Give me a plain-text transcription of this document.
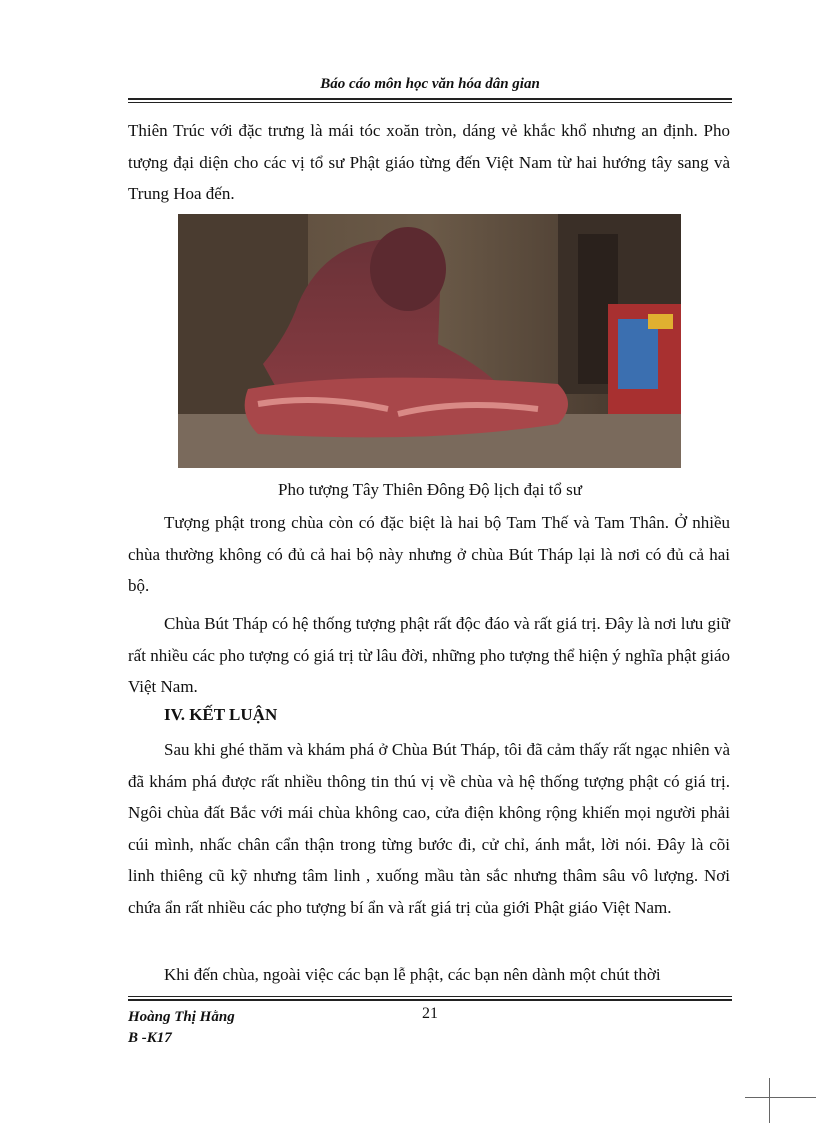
Báo cáo môn học văn hóa dân gian

Thiên Trúc với đặc trưng là mái tóc xoăn tròn, dáng vẻ khắc khổ nhưng an định. Pho tượng đại diện cho các vị tổ sư Phật giáo từng đến Việt Nam từ hai hướng tây sang và Trung Hoa đến.

Pho tượng Tây Thiên Đông Độ lịch đại tổ sư

Tượng phật trong chùa còn có đặc biệt là hai bộ Tam Thế và Tam Thân. Ở nhiều chùa thường không có đủ cả hai bộ này nhưng ở chùa Bút Tháp lại là nơi có đủ cả hai bộ.

Chùa Bút Tháp có hệ thống tượng phật rất độc đáo và rất giá trị. Đây là nơi lưu giữ rất nhiều các pho tượng có giá trị từ lâu đời, những pho tượng thể hiện ý nghĩa phật giáo Việt Nam.

IV. KẾT LUẬN

Sau khi ghé thăm và khám phá ở Chùa Bút Tháp, tôi đã cảm thấy rất ngạc nhiên và đã khám phá được rất nhiều thông tin thú vị về chùa và hệ thống tượng phật có giá trị. Ngôi chùa đất Bắc với mái chùa không cao, cửa điện không rộng khiến mọi người phải cúi mình, nhấc chân cẩn thận trong từng bước đi, cử chỉ, ánh mắt, lời nói. Đây là cõi linh thiêng cũ kỹ nhưng tâm linh , xuống mầu tàn sắc nhưng thâm sâu vô lượng. Nơi chứa ẩn rất nhiều các pho tượng bí ẩn và rất giá trị của giới Phật giáo Việt Nam.

Khi đến chùa, ngoài việc các bạn lễ phật, các bạn nên dành một chút thời

Hoàng Thị Hằng
B -K17
21
